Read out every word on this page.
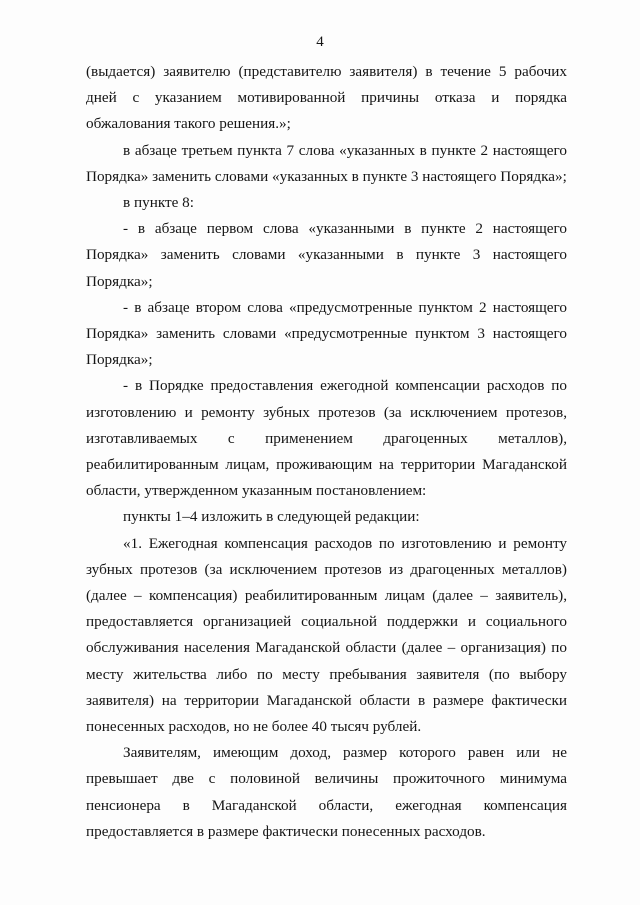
4

(выдается) заявителю (представителю заявителя) в течение 5 рабочих дней с указанием мотивированной причины отказа и порядка обжалования такого решения.»;

в абзаце третьем пункта 7 слова «указанных в пункте 2 настоящего Порядка» заменить словами «указанных в пункте 3 настоящего Порядка»;

в пункте 8:

- в абзаце первом слова «указанными в пункте 2 настоящего Порядка» заменить словами «указанными в пункте 3 настоящего Порядка»;

- в абзаце втором слова «предусмотренные пунктом 2 настоящего Порядка» заменить словами «предусмотренные пунктом 3 настоящего Порядка»;

- в Порядке предоставления ежегодной компенсации расходов по изготовлению и ремонту зубных протезов (за исключением протезов, изготавливаемых с применением драгоценных металлов), реабилитированным лицам, проживающим на территории Магаданской области, утвержденном указанным постановлением:

пункты 1–4 изложить в следующей редакции:

«1. Ежегодная компенсация расходов по изготовлению и ремонту зубных протезов (за исключением протезов из драгоценных металлов) (далее – компенсация) реабилитированным лицам (далее – заявитель), предоставляется организацией социальной поддержки и социального обслуживания населения Магаданской области (далее – организация) по месту жительства либо по месту пребывания заявителя (по выбору заявителя) на территории Магаданской области в размере фактически понесенных расходов, но не более 40 тысяч рублей.

Заявителям, имеющим доход, размер которого равен или не превышает две с половиной величины прожиточного минимума пенсионера в Магаданской области, ежегодная компенсация предоставляется в размере фактически понесенных расходов.
